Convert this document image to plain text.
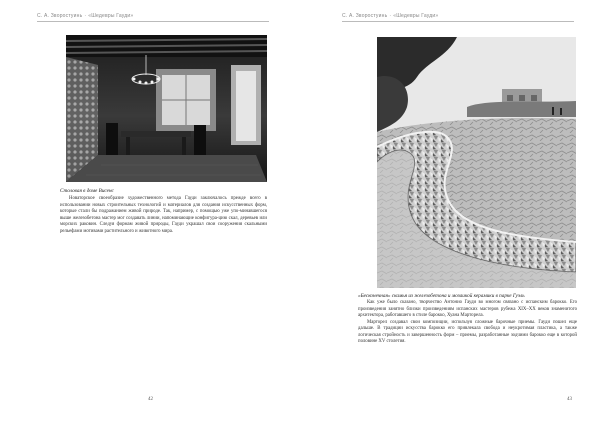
С. А. Зворостуинь · «Шедевры Гауди»
Столовая в доме Висенс

Новаторское своеобразие художественного метода Гауди заключалось прежде всего в использовании новых строительных технологий и материалов для создания искусственных форм, которые стали бы подражанием живой природе. Так, например, с помощью уже упо-минавшегося выше железобетона мастер мог создавать линии, напоминающие конфигура-цию скал, деревьев или морских раковин. Следуя формам живой природы, Гауди украшал свои сооружения скальными рельефами мотивами растительного и животного мира.

42
С. А. Зворостуинь · «Шедевры Гауди»
«Бесконечная» скамья из железобетона и мозаикой керамики в парке Гуэль

Как уже было сказано, творчество Антонио Гауди во многом связано с испанским барокко. Его произведения занятно близки произведениям испанских мастеров рубежа XIX–XX веков знаменитого архитектора, работавшего в стиле барокко, Хуана Марторела.

Марторел создавал свои композиции, используя сложные барочные приемы. Гауди пошел еще дальше. В традиции искусства барокко его привлекала свобода и неукротимая пластика, а также логическая стройность и завершенность форм – приемы, разработанные зодчими барокко еще в которой половине XV столетия.

43
